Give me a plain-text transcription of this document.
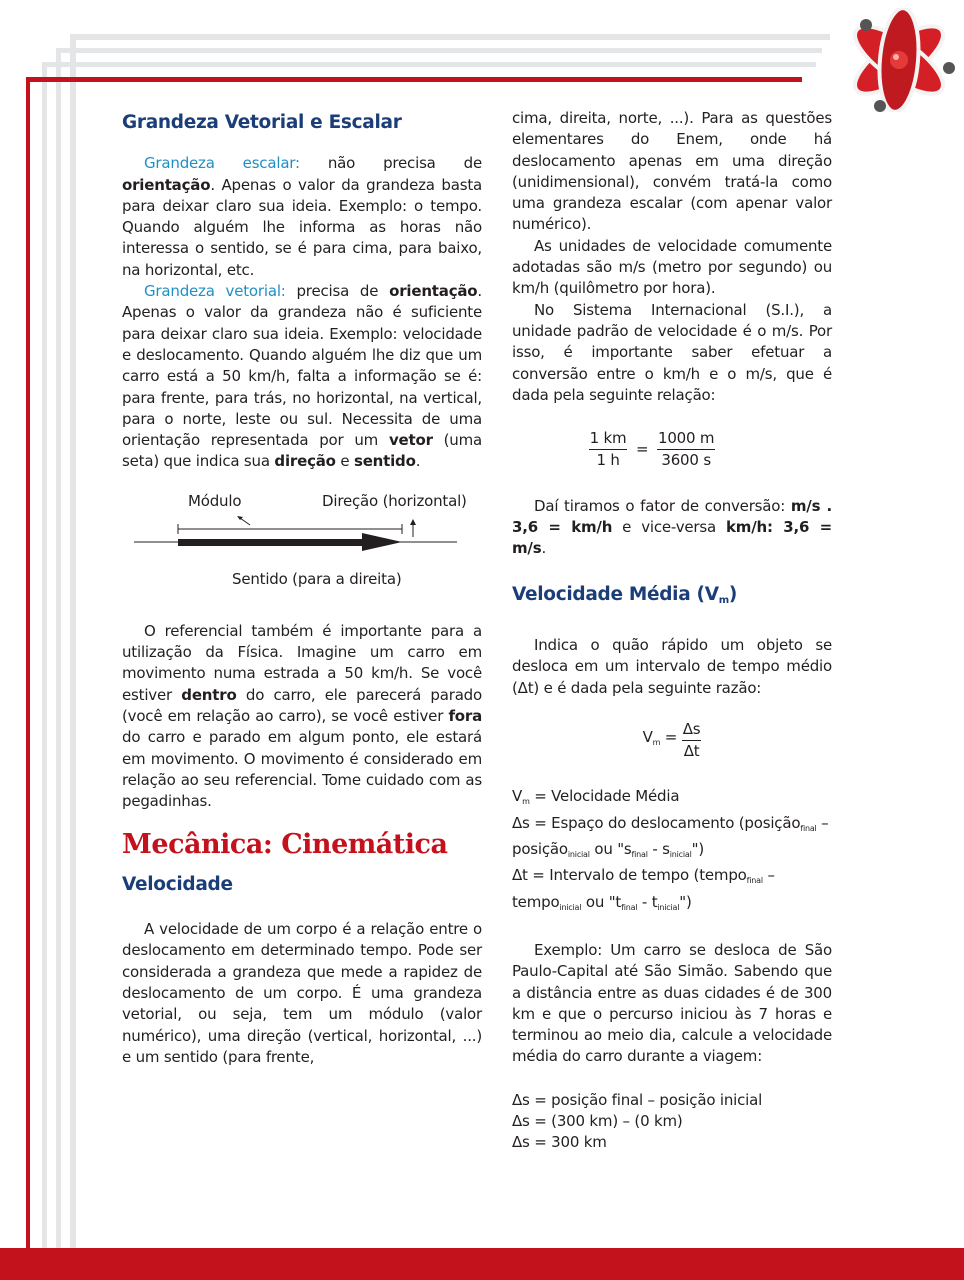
Grandeza Vetorial e Escalar

Grandeza escalar: não precisa de orientação. Apenas o valor da grandeza basta para deixar claro sua ideia. Exemplo: o tempo. Quando alguém lhe informa as horas não interessa o sentido, se é para cima, para baixo, na horizontal, etc.

Grandeza vetorial: precisa de orientação. Apenas o valor da grandeza não é suficiente para deixar claro sua ideia. Exemplo: velocidade e deslocamento. Quando alguém lhe diz que um carro está a 50 km/h, falta a informação se é: para frente, para trás, no horizontal, na vertical, para o norte, leste ou sul. Necessita de uma orientação representada por um vetor (uma seta) que indica sua direção e sentido.

Módulo	Direção (horizontal)
Sentido (para a direita)

O referencial também é importante para a utilização da Física. Imagine um carro em movimento numa estrada a 50 km/h. Se você estiver dentro do carro, ele parecerá parado (você em relação ao carro), se você estiver fora do carro e parado em algum ponto, ele estará em movimento. O movimento é considerado em relação ao seu referencial. Tome cuidado com as pegadinhas.

Mecânica: Cinemática
Velocidade

A velocidade de um corpo é a relação entre o deslocamento em determinado tempo. Pode ser considerada a grandeza que mede a rapidez de deslocamento de um corpo. É uma grandeza vetorial, ou seja, tem um módulo (valor numérico), uma direção (vertical, horizontal, ...) e um sentido (para frente,

cima, direita, norte, ...). Para as questões elementares do Enem, onde há deslocamento apenas em uma direção (unidimensional), convém tratá-la como uma grandeza escalar (com apenar valor numérico).

As unidades de velocidade comumente adotadas são m/s (metro por segundo) ou km/h (quilômetro por hora).

No Sistema Internacional (S.I.), a unidade padrão de velocidade é o m/s. Por isso, é importante saber efetuar a conversão entre o km/h e o m/s, que é dada pela seguinte relação:

$\frac{1 km}{1 h} = \frac{1000 m}{3600 s}$

Daí tiramos o fator de conversão: m/s . 3,6 = km/h e vice-versa km/h: 3,6 = m/s.

Velocidade Média $(V_m)$

Indica o quão rápido um objeto se desloca em um intervalo de tempo médio (Δt) e é dada pela seguinte razão:

$V_m = \frac{\Delta s}{\Delta t}$

$V_m$ = Velocidade Média

Δs = Espaço do deslocamento (posição$_{final}$ – posição$_{inicial}$ ou "$s_{final}$ - $s_{inicial}$")

Δt = Intervalo de tempo (tempo$_{final}$ – tempo$_{inicial}$ ou "$t_{final}$ - $t_{inicial}$")

Exemplo: Um carro se desloca de São Paulo-Capital até São Simão. Sabendo que a distância entre as duas cidades é de 300 km e que o percurso iniciou às 7 horas e terminou ao meio dia, calcule a velocidade média do carro durante a viagem:

Δs = posição final – posição inicial

Δs = (300 km) – (0 km)

Δs = 300 km
